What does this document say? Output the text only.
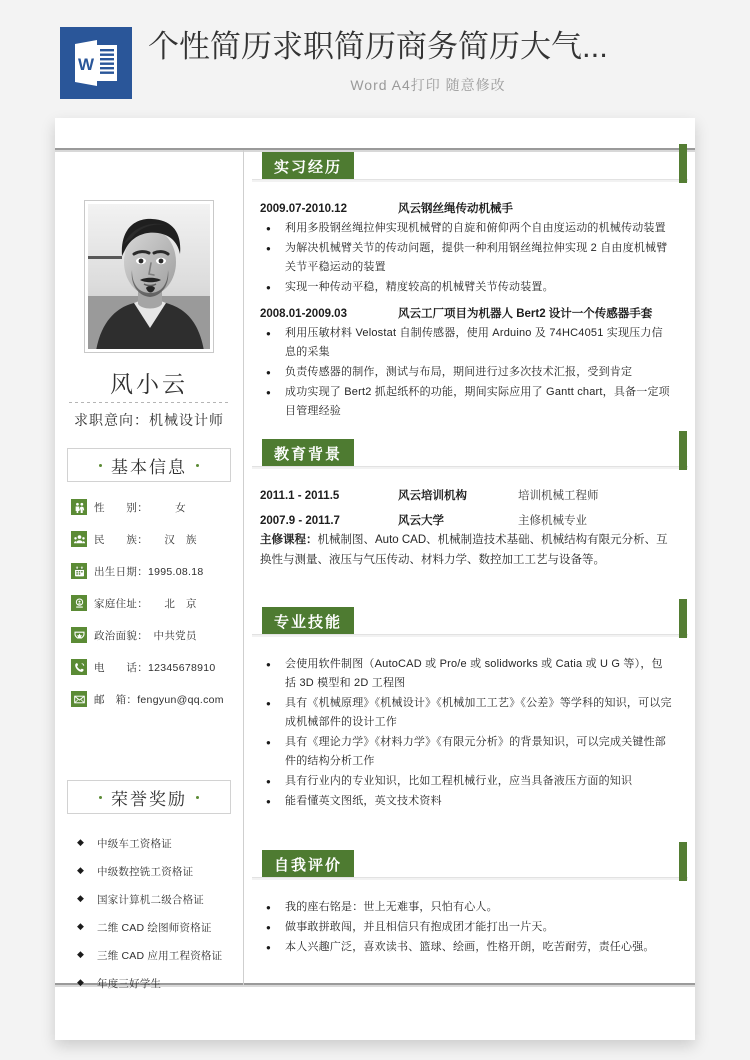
W
个性简历求职简历商务简历大气...
Word A4打印 随意修改
风小云
求职意向：机械设计师
基本信息
性　　别：　　　女
民　　族：　　汉　族
出生日期：1995.08.18
家庭住址：　　北　京
政治面貌：　中共党员
电　　话：12345678910
邮　箱：fengyun@qq.com
荣誉奖励
◆	中级车工资格证
◆	中级数控铣工资格证
◆	国家计算机二级合格证
◆	二维 CAD 绘图师资格证
◆	三维 CAD 应用工程资格证
◆	年度三好学生
实习经历
2009.07-2010.12	风云钢丝绳传动机械手
● 利用多股钢丝绳拉伸实现机械臂的自旋和俯仰两个自由度运动的机械传动装置
● 为解决机械臂关节的传动问题，提供一种利用钢丝绳拉伸实现 2 自由度机械臂关节平稳运动的装置
● 实现一种传动平稳，精度较高的机械臂关节传动装置。
2008.01-2009.03	风云工厂项目为机器人 Bert2 设计一个传感器手套
● 利用压敏材料 Velostat 自制传感器，使用 Arduino 及 74HC4051 实现压力信息的采集
● 负责传感器的制作，测试与布局，期间进行过多次技术汇报，受到肯定
● 成功实现了 Bert2 抓起纸杯的功能，期间实际应用了 Gantt chart，具备一定项目管理经验
教育背景
2011.1 - 2011.5	风云培训机构	培训机械工程师
2007.9 - 2011.7	风云大学	主修机械专业
主修课程：机械制图、Auto CAD、机械制造技术基础、机械结构有限元分析、互换性与测量、液压与气压传动、材料力学、数控加工工艺与设备等。
专业技能
● 会使用软件制图（AutoCAD 或 Pro/e 或 solidworks 或 Catia 或 U G 等），包括 3D 模型和 2D 工程图
● 具有《机械原理》《机械设计》《机械加工工艺》《公差》等学科的知识，可以完成机械部件的设计工作
● 具有《理论力学》《材料力学》《有限元分析》的背景知识，可以完成关键性部件的结构分析工作
● 具有行业内的专业知识，比如工程机械行业，应当具备液压方面的知识
● 能看懂英文图纸，英文技术资料
自我评价
● 我的座右铭是：世上无难事，只怕有心人。
● 做事敢拼敢闯，并且相信只有抱成团才能打出一片天。
● 本人兴趣广泛，喜欢读书、篮球、绘画，性格开朗，吃苦耐劳，责任心强。
